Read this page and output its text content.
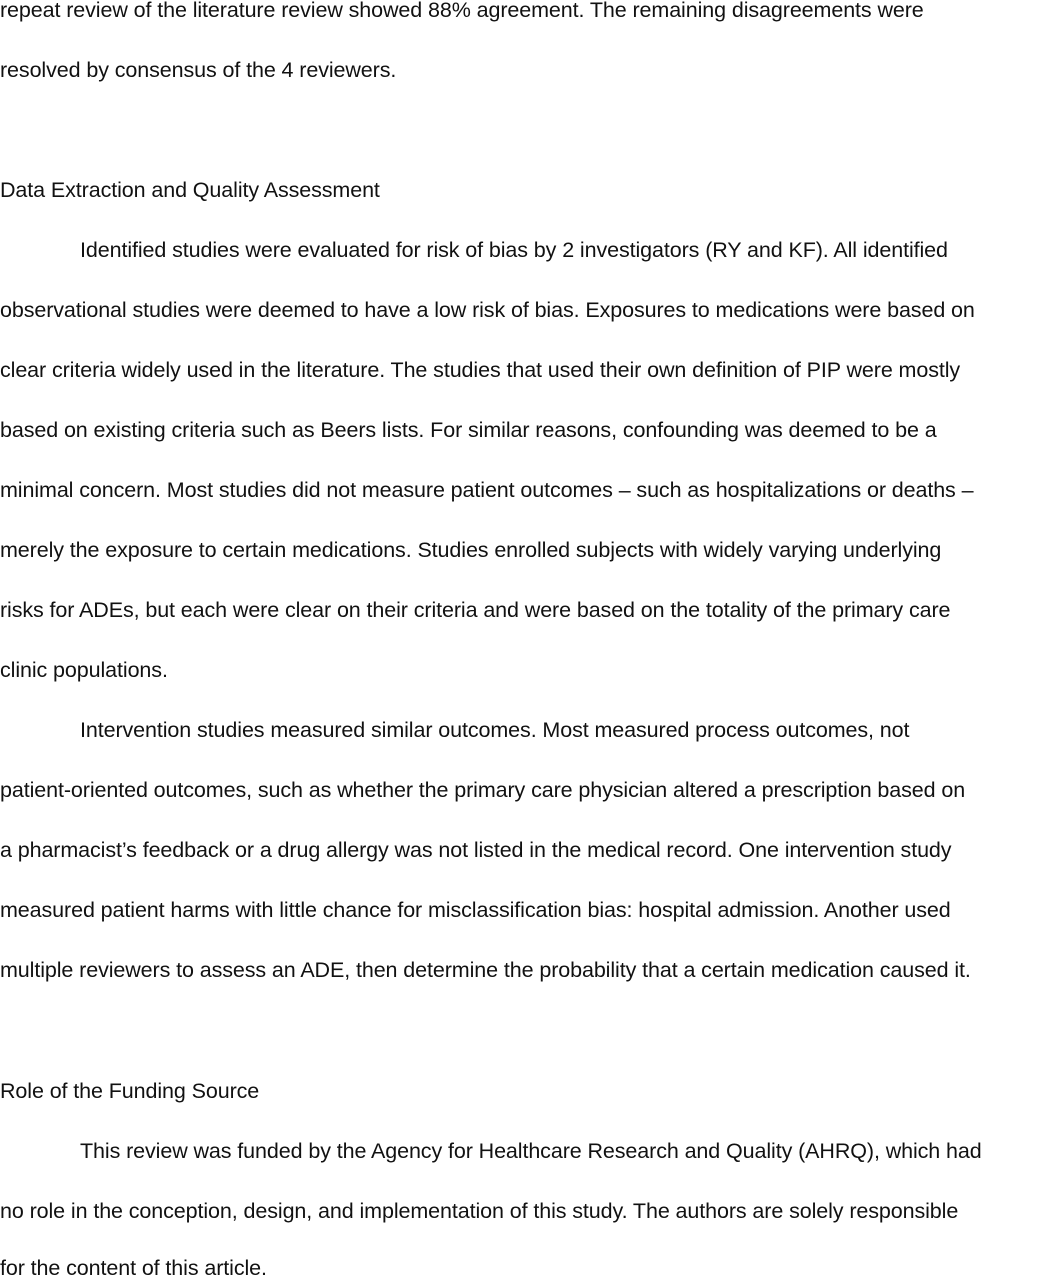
repeat review of the literature review showed 88% agreement. The remaining disagreements were
resolved by consensus of the 4 reviewers.
Data Extraction and Quality Assessment
Identified studies were evaluated for risk of bias by 2 investigators (RY and KF). All identified
observational studies were deemed to have a low risk of bias. Exposures to medications were based on
clear criteria widely used in the literature. The studies that used their own definition of PIP were mostly
based on existing criteria such as Beers lists. For similar reasons, confounding was deemed to be a
minimal concern. Most studies did not measure patient outcomes – such as hospitalizations or deaths –
merely the exposure to certain medications. Studies enrolled subjects with widely varying underlying
risks for ADEs, but each were clear on their criteria and were based on the totality of the primary care
clinic populations.
Intervention studies measured similar outcomes. Most measured process outcomes, not
patient-oriented outcomes, such as whether the primary care physician altered a prescription based on
a pharmacist’s feedback or a drug allergy was not listed in the medical record. One intervention study
measured patient harms with little chance for misclassification bias: hospital admission. Another used
multiple reviewers to assess an ADE, then determine the probability that a certain medication caused it.
Role of the Funding Source
This review was funded by the Agency for Healthcare Research and Quality (AHRQ), which had
no role in the conception, design, and implementation of this study. The authors are solely responsible
for the content of this article.
